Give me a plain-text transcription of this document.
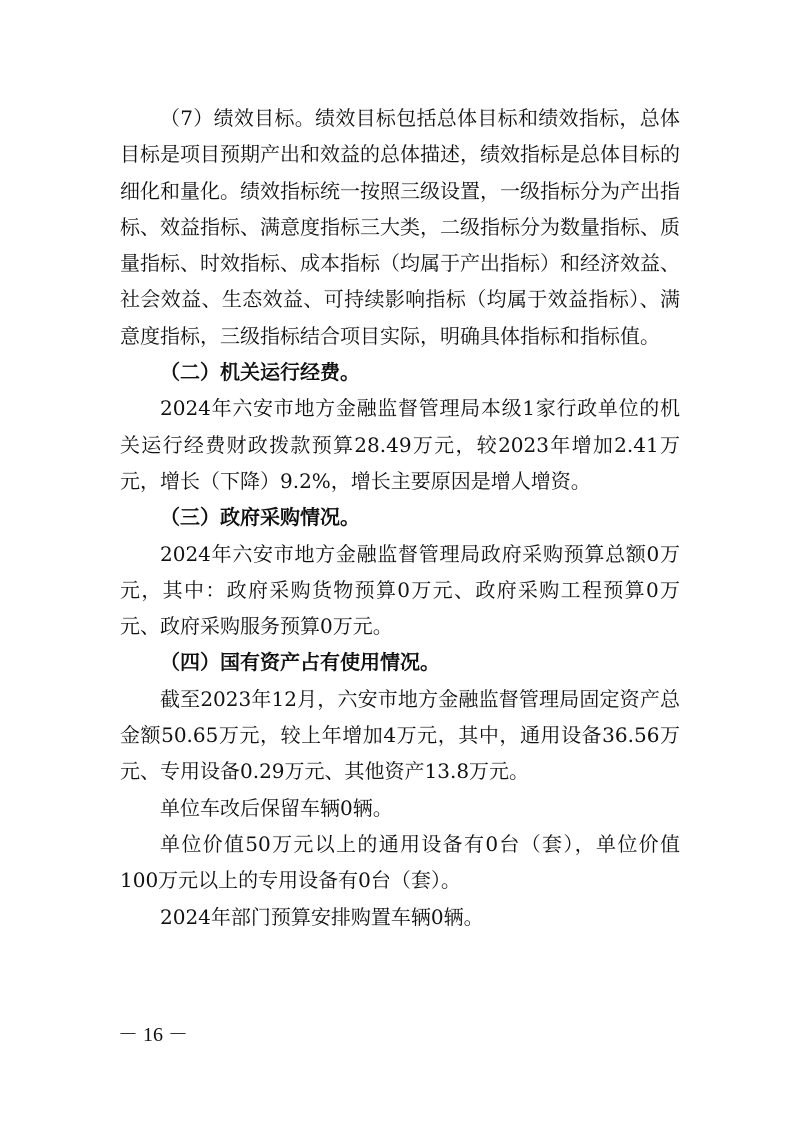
（7）绩效目标。绩效目标包括总体目标和绩效指标，总体目标是项目预期产出和效益的总体描述，绩效指标是总体目标的细化和量化。绩效指标统一按照三级设置，一级指标分为产出指标、效益指标、满意度指标三大类，二级指标分为数量指标、质量指标、时效指标、成本指标（均属于产出指标）和经济效益、社会效益、生态效益、可持续影响指标（均属于效益指标）、满意度指标，三级指标结合项目实际，明确具体指标和指标值。

（二）机关运行经费。

2024年六安市地方金融监督管理局本级1家行政单位的机关运行经费财政拨款预算28.49万元，较2023年增加2.41万元，增长（下降）9.2%，增长主要原因是增人增资。

（三）政府采购情况。

2024年六安市地方金融监督管理局政府采购预算总额0万元，其中：政府采购货物预算0万元、政府采购工程预算0万元、政府采购服务预算0万元。

（四）国有资产占有使用情况。

截至2023年12月，六安市地方金融监督管理局固定资产总金额50.65万元，较上年增加4万元，其中，通用设备36.56万元、专用设备0.29万元、其他资产13.8万元。

单位车改后保留车辆0辆。

单位价值50万元以上的通用设备有0台（套），单位价值100万元以上的专用设备有0台（套）。

2024年部门预算安排购置车辆0辆。

－ 16 －
